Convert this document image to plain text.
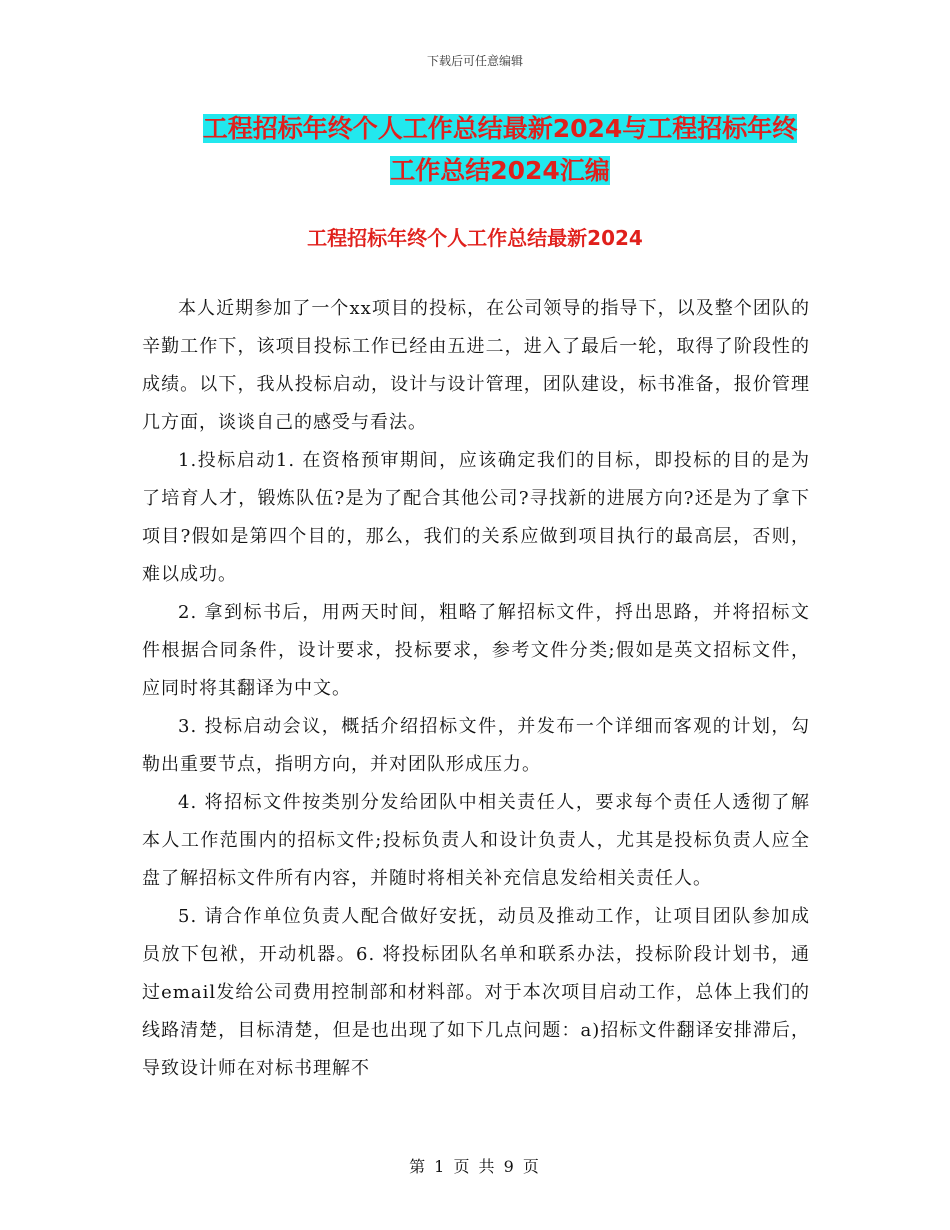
下载后可任意编辑
工程招标年终个人工作总结最新2024与工程招标年终
工作总结2024汇编
工程招标年终个人工作总结最新2024

本人近期参加了一个xx项目的投标，在公司领导的指导下，以及整个团队的辛勤工作下，该项目投标工作已经由五进二，进入了最后一轮，取得了阶段性的成绩。以下，我从投标启动，设计与设计管理，团队建设，标书准备，报价管理几方面，谈谈自己的感受与看法。

1.投标启动1. 在资格预审期间，应该确定我们的目标，即投标的目的是为了培育人才，锻炼队伍?是为了配合其他公司?寻找新的进展方向?还是为了拿下项目?假如是第四个目的，那么，我们的关系应做到项目执行的最高层，否则，难以成功。

2. 拿到标书后，用两天时间，粗略了解招标文件，捋出思路，并将招标文件根据合同条件，设计要求，投标要求，参考文件分类;假如是英文招标文件，应同时将其翻译为中文。

3. 投标启动会议，概括介绍招标文件，并发布一个详细而客观的计划，勾勒出重要节点，指明方向，并对团队形成压力。

4. 将招标文件按类别分发给团队中相关责任人，要求每个责任人透彻了解本人工作范围内的招标文件;投标负责人和设计负责人，尤其是投标负责人应全盘了解招标文件所有内容，并随时将相关补充信息发给相关责任人。

5. 请合作单位负责人配合做好安抚，动员及推动工作，让项目团队参加成员放下包袱，开动机器。6. 将投标团队名单和联系办法，投标阶段计划书，通过email发给公司费用控制部和材料部。对于本次项目启动工作，总体上我们的线路清楚，目标清楚，但是也出现了如下几点问题：a)招标文件翻译安排滞后，导致设计师在对标书理解不

第 1 页 共 9 页
